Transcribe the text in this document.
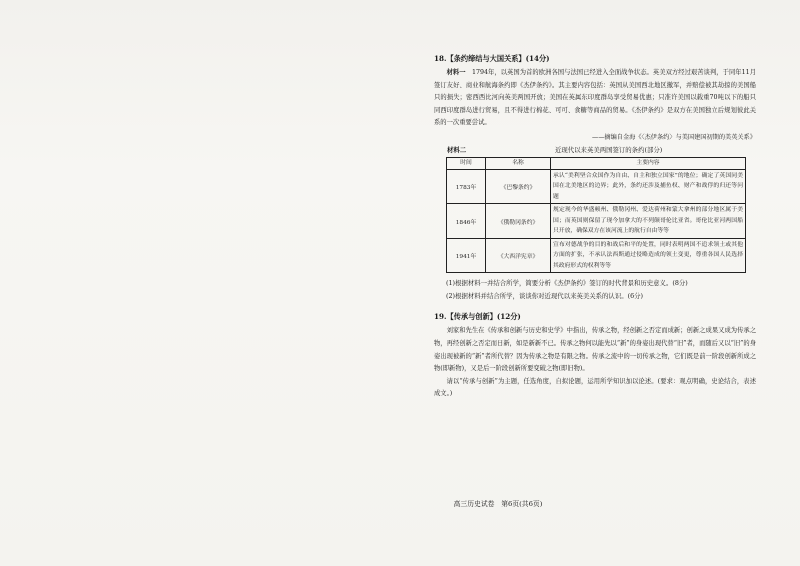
18.【条约缔结与大国关系】(14分)

材料一　 1794年，以英国为首的欧洲各国与法国已经进入全面战争状态。英美双方经过艰苦谈判，于同年11月签订友好、商业和航海条约即《杰伊条约》。其主要内容包括：英国从美国西北地区撤军，并赔偿被其劫掠的美国船只的损失；密西西比河向英美两国开放；美国在英属东印度群岛享受贸易优惠；只准许美国以载重70吨以下的船只同西印度群岛进行贸易，且不得进行棉花、可可、食糖等商品的贸易。《杰伊条约》是双方在美国独立后规划彼此关系的一次重要尝试。

——摘编自金海《〈杰伊条约〉与美国建国初期的美英关系》
材料二	近现代以来英美两国签订的条约(部分)
时间	名称	主要内容
1783年	《巴黎条约》	承认“美利坚合众国作为自由、自主和独立国家”的地位；确定了英国同美国在北美地区的边界；此外，条约还涉及捕鱼权、财产和战俘的归还等问题
1846年	《俄勒冈条约》	规定现今的华盛顿州、俄勒冈州、爱达荷州和蒙大拿州的部分地区属于美国；而英国则保留了现今加拿大的不列颠哥伦比亚省。哥伦比亚河两国船只开放，确保双方在该河流上的航行自由等等
1941年	《大西洋宪章》	宣布对德战争的目的和战后和平的处置，同时表明两国不追求领土或其他方面的扩张，不承认法西斯通过侵略造成的领土变更，尊重各国人民选择其政府形式的权利等等
(1)根据材料一并结合所学，简要分析《杰伊条约》签订的时代背景和历史意义。(8分)
(2)根据材料并结合所学，谈谈你对近现代以来英美关系的认识。(6分)
19.【传承与创新】(12分)

刘家和先生在《传承和创新与历史和史学》中指出，传承之物，经创新之否定而成新；创新之成果又成为传承之物，再经创新之否定而日新，如是新新不已。传承之物何以能先以“新”的身姿出现代替“旧”者，而随后又以“旧”的身姿出现被新的“新”者所代替？因为传承之物是有限之物。传承之流中的一切传承之物，它们既是前一阶段创新所成之物(即新物)，又是后一阶段创新所要变破之物(即旧物)。

请以“传承与创新”为主题，任选角度，自拟论题，运用所学知识加以论述。(要求：观点明确，史论结合，表述成文。)

高三历史试卷　第6页(共6页)
